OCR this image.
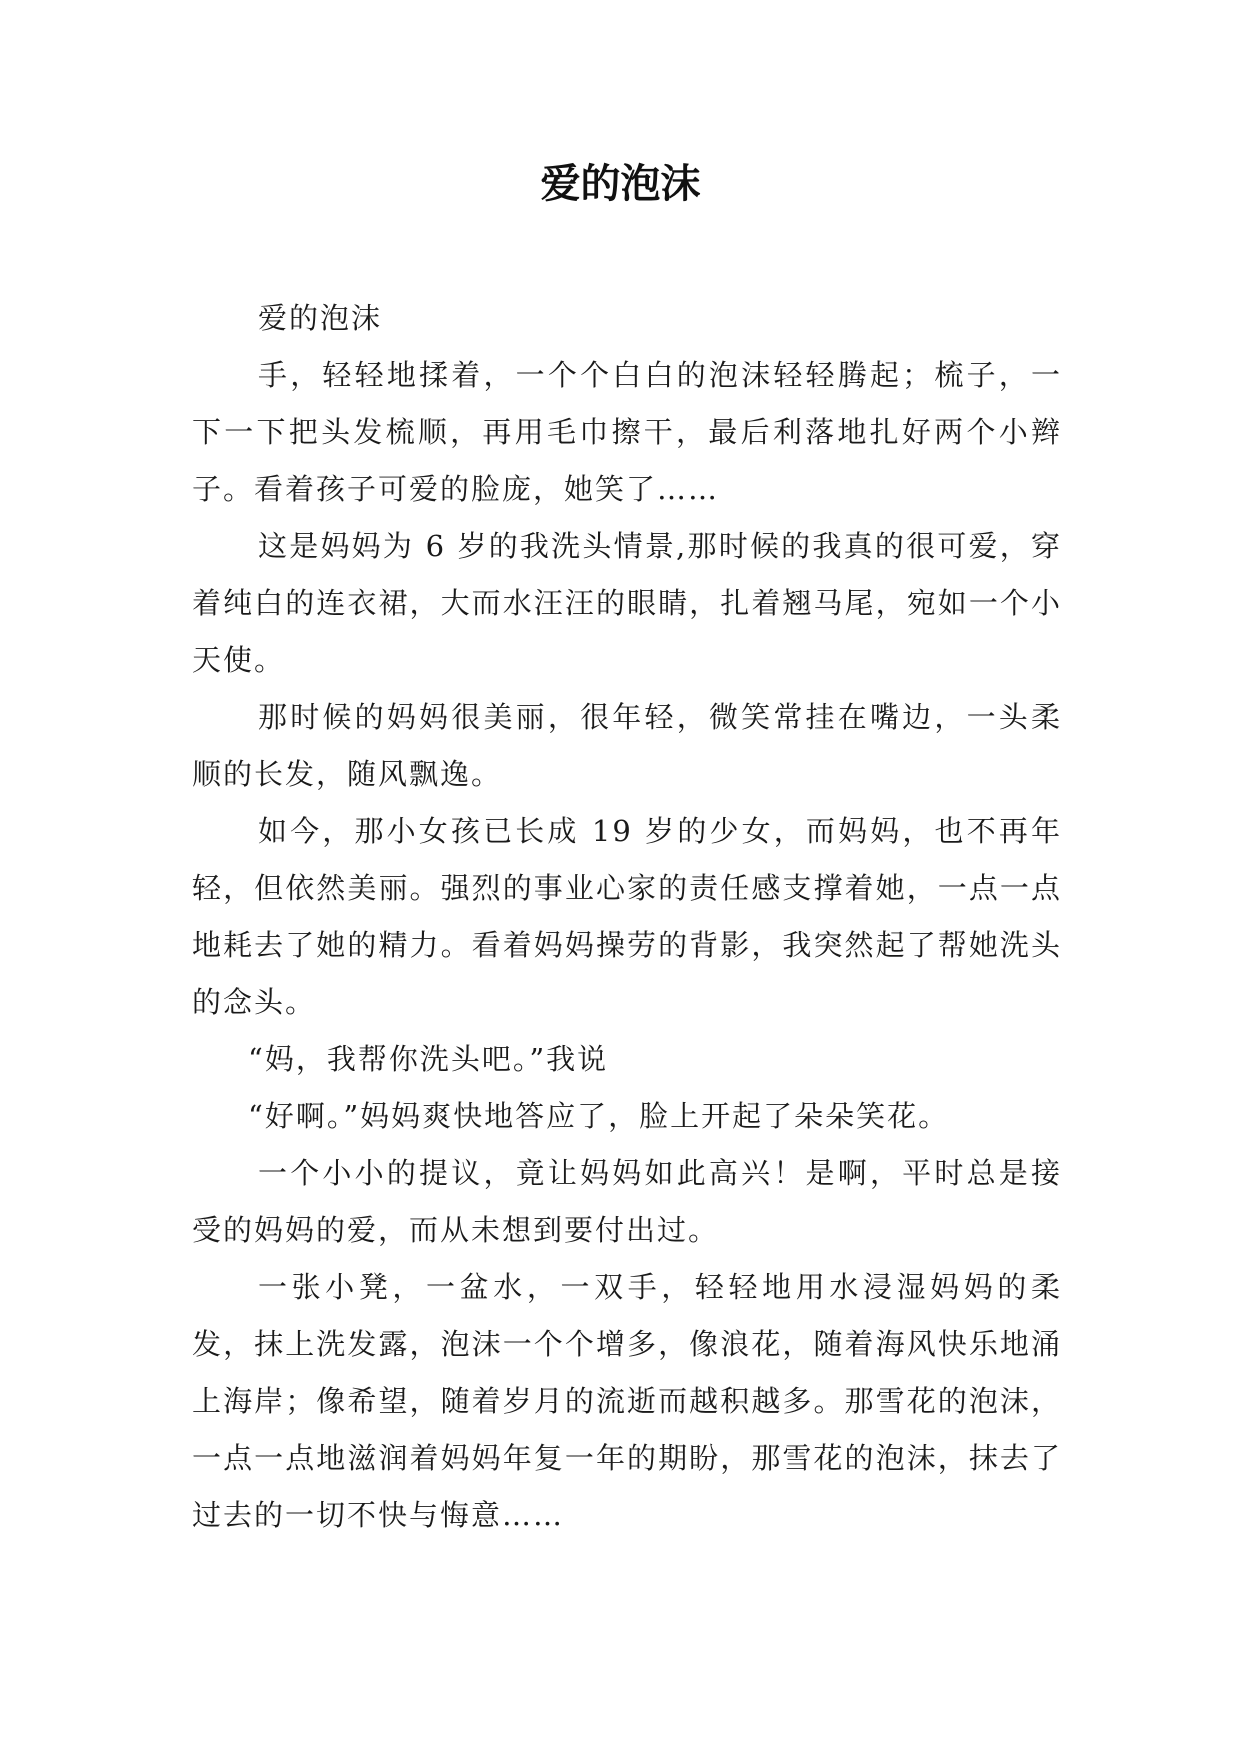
爱的泡沫

爱的泡沫

手，轻轻地揉着，一个个白白的泡沫轻轻腾起；梳子，一下一下把头发梳顺，再用毛巾擦干，最后利落地扎好两个小辫子。看着孩子可爱的脸庞，她笑了……

这是妈妈为 6 岁的我洗头情景,那时候的我真的很可爱，穿着纯白的连衣裙，大而水汪汪的眼睛，扎着翘马尾，宛如一个小天使。

那时候的妈妈很美丽，很年轻，微笑常挂在嘴边，一头柔顺的长发，随风飘逸。

如今，那小女孩已长成 19 岁的少女，而妈妈，也不再年轻，但依然美丽。强烈的事业心家的责任感支撑着她，一点一点地耗去了她的精力。看着妈妈操劳的背影，我突然起了帮她洗头的念头。

“妈，我帮你洗头吧。”我说

“好啊。”妈妈爽快地答应了，脸上开起了朵朵笑花。

一个小小的提议，竟让妈妈如此高兴！是啊，平时总是接受的妈妈的爱，而从未想到要付出过。

一张小凳，一盆水，一双手，轻轻地用水浸湿妈妈的柔发，抹上洗发露，泡沫一个个增多，像浪花，随着海风快乐地涌上海岸；像希望，随着岁月的流逝而越积越多。那雪花的泡沫，一点一点地滋润着妈妈年复一年的期盼，那雪花的泡沫，抹去了过去的一切不快与悔意……
